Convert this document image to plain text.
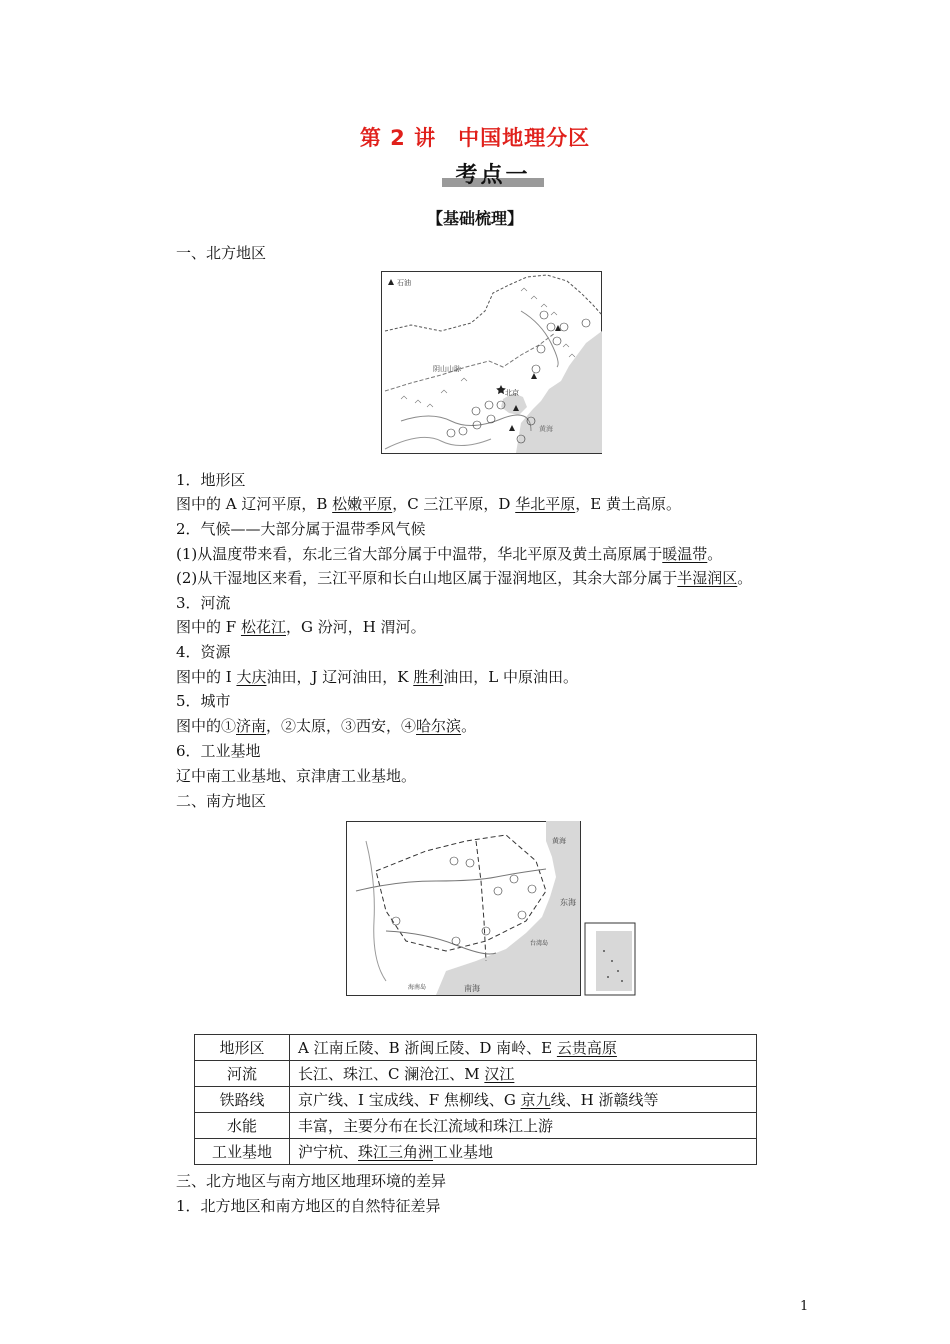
第 2 讲　中国地理分区
考点一
【基础梳理】
一、北方地区
石油
阴山山脉
北京
黄海
1．地形区
图中的 A 辽河平原，B 松嫩平原，C 三江平原，D 华北平原，E 黄土高原。
2．气候——大部分属于温带季风气候
(1)从温度带来看，东北三省大部分属于中温带，华北平原及黄土高原属于暖温带。
(2)从干湿地区来看，三江平原和长白山地区属于湿润地区，其余大部分属于半湿润区。
3．河流
图中的 F 松花江，G 汾河，H 渭河。
4．资源
图中的 I 大庆油田，J 辽河油田，K 胜利油田，L 中原油田。
5．城市
图中的①济南，②太原，③西安，④哈尔滨。
6．工业基地
辽中南工业基地、京津唐工业基地。
二、南方地区
东海
南海
黄海
台湾岛
海南岛
地形区	A 江南丘陵、B 浙闽丘陵、D 南岭、E 云贵高原
河流	长江、珠江、C 澜沧江、M 汉江
铁路线	京广线、I 宝成线、F 焦柳线、G 京九线、H 浙赣线等
水能	丰富，主要分布在长江流域和珠江上游
工业基地	沪宁杭、珠江三角洲工业基地
三、北方地区与南方地区地理环境的差异
1．北方地区和南方地区的自然特征差异
1
